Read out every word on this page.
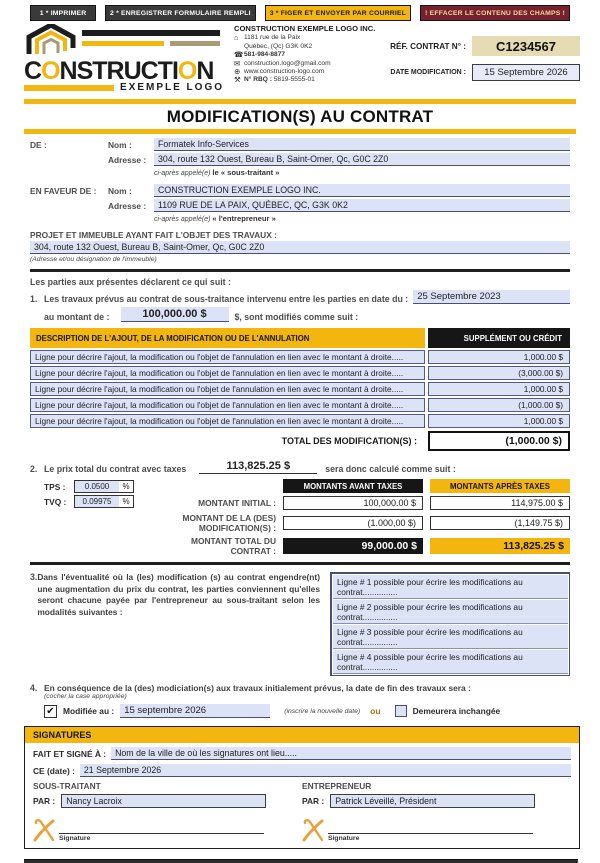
1 * IMPRIMER	2 * ENREGISTRER FORMULAIRE REMPLI	3 * FIGER ET ENVOYER PAR COURRIEL	! EFFACER LE CONTENU DES CHAMPS !
CONSTRUCTION
EXEMPLE LOGO
CONSTRUCTION EXEMPLE LOGO INC.
⌂ 1181 rue de la Paix
Québec, (Qc) G3K 0K2
☎ 581-984-8877
✉ construction.logo@gmail.com
⊕ www.construction-logo.com
⚒ N° RBQ :
5819-5555-01
RÉF. CONTRAT N° :	C1234567
DATE MODIFICATION :	15 Septembre 2026
MODIFICATION(S) AU CONTRAT
DE :	Nom :	Formatek Info-Services
Adresse :	304, route 132 Ouest, Bureau B, Saint-Omer, Qc, G0C 2Z0
ci-après appelé(e) le « sous-traitant »
EN FAVEUR DE :	Nom :	CONSTRUCTION EXEMPLE LOGO INC.
Adresse :	1109 RUE DE LA PAIX, QUÉBEC, QC, G3K 0K2
ci-après appelé(e) « l'entrepreneur »
PROJET ET IMMEUBLE AYANT FAIT L'OBJET DES TRAVAUX :
304, route 132 Ouest, Bureau B, Saint-Omer, Qc, G0C 2Z0
(Adresse et/ou désignation de l'immeuble)
Les parties aux présentes déclarent ce qui suit :
1. Les travaux prévus au contrat de sous-traitance intervenu entre les parties en date du : 25 Septembre 2023
au montant de :	100,000.00 $	$, sont modifiés comme suit :
DESCRIPTION DE L'AJOUT, DE LA MODIFICATION OU DE L'ANNULATION	SUPPLÉMENT OU CRÉDIT
Ligne pour décrire l'ajout, la modification ou l'objet de l'annulation en lien avec le montant à droite.....	1,000.00 $
Ligne pour décrire l'ajout, la modification ou l'objet de l'annulation en lien avec le montant à droite.....	(3,000.00 $)
Ligne pour décrire l'ajout, la modification ou l'objet de l'annulation en lien avec le montant à droite.....	1,000.00 $
Ligne pour décrire l'ajout, la modification ou l'objet de l'annulation en lien avec le montant à droite.....	(1,000.00 $)
Ligne pour décrire l'ajout, la modification ou l'objet de l'annulation en lien avec le montant à droite.....	1,000.00 $
TOTAL DES MODIFICATION(S) :	(1,000.00 $)
2. Le prix total du contrat avec taxes	113,825.25 $	sera donc calculé comme suit :
TPS :	0.0500	%
TVQ :	0.09975	%
MONTANTS AVANT TAXES	MONTANTS APRÈS TAXES
MONTANT INITIAL :	100,000.00 $	114,975.00 $
MONTANT DE LA (DES) MODIFICATION(S) :	(1.000,00 $)	(1,149.75 $)
MONTANT TOTAL DU CONTRAT :	99,000.00 $	113,825.25 $
3. Dans l'éventualité où la (les) modification (s) au contrat engendre(nt) une augmentation du prix du contrat, les parties conviennent qu'elles seront chacune payée par l'entrepreneur au sous-traitant selon les modalités suivantes :
Ligne # 1 possible pour écrire les modifications au contrat...............
Ligne # 2 possible pour écrire les modifications au contrat...............
Ligne # 3 possible pour écrire les modifications au contrat...............
Ligne # 4 possible pour écrire les modifications au contrat...............
4. En conséquence de la (des) modiciation(s) aux travaux initialement prévus, la date de fin des travaux sera :
(cocher la case appropriée)
✔ Modifiée au :	15 septembre 2026	(inscrire la nouvelle date) ou	Demeurera inchangée
SIGNATURES
FAIT ET SIGNÉ À :	Nom de la ville de où les signatures ont lieu.....
CE (date) :	21 Septembre 2026
SOUS-TRAITANT	ENTREPRENEUR
PAR :	Nancy Lacroix	PAR :	Patrick Léveillé, Président
Signature	Signature
